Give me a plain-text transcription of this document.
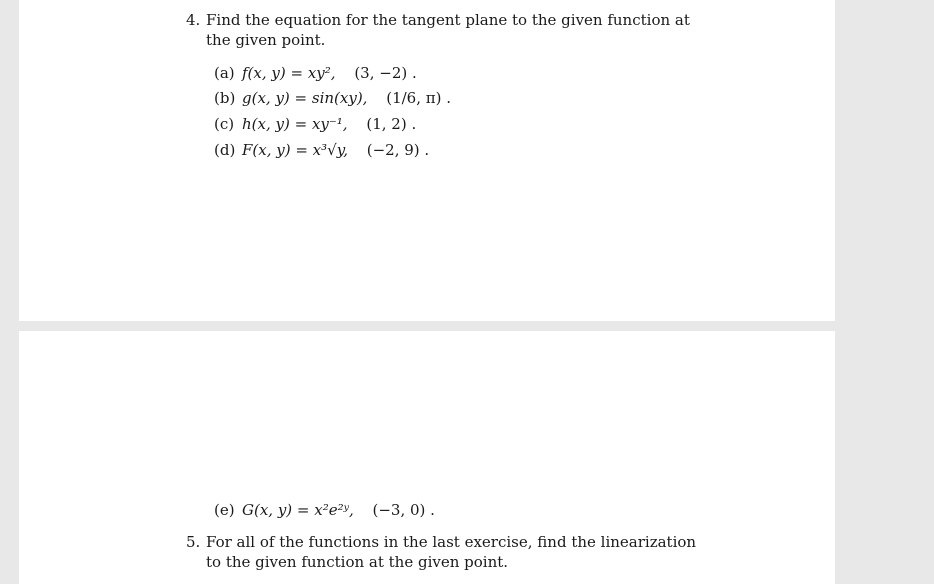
4. Find the equation for the tangent plane to the given function at the given point.
(a) f(x, y) = xy², (3, −2) .
(b) g(x, y) = sin(xy), (1/6, π) .
(c) h(x, y) = xy⁻¹, (1, 2) .
(d) F(x, y) = x³√y, (−2, 9) .
(e) G(x, y) = x²e²ʸ, (−3, 0) .
5. For all of the functions in the last exercise, find the linearization to the given function at the given point.
